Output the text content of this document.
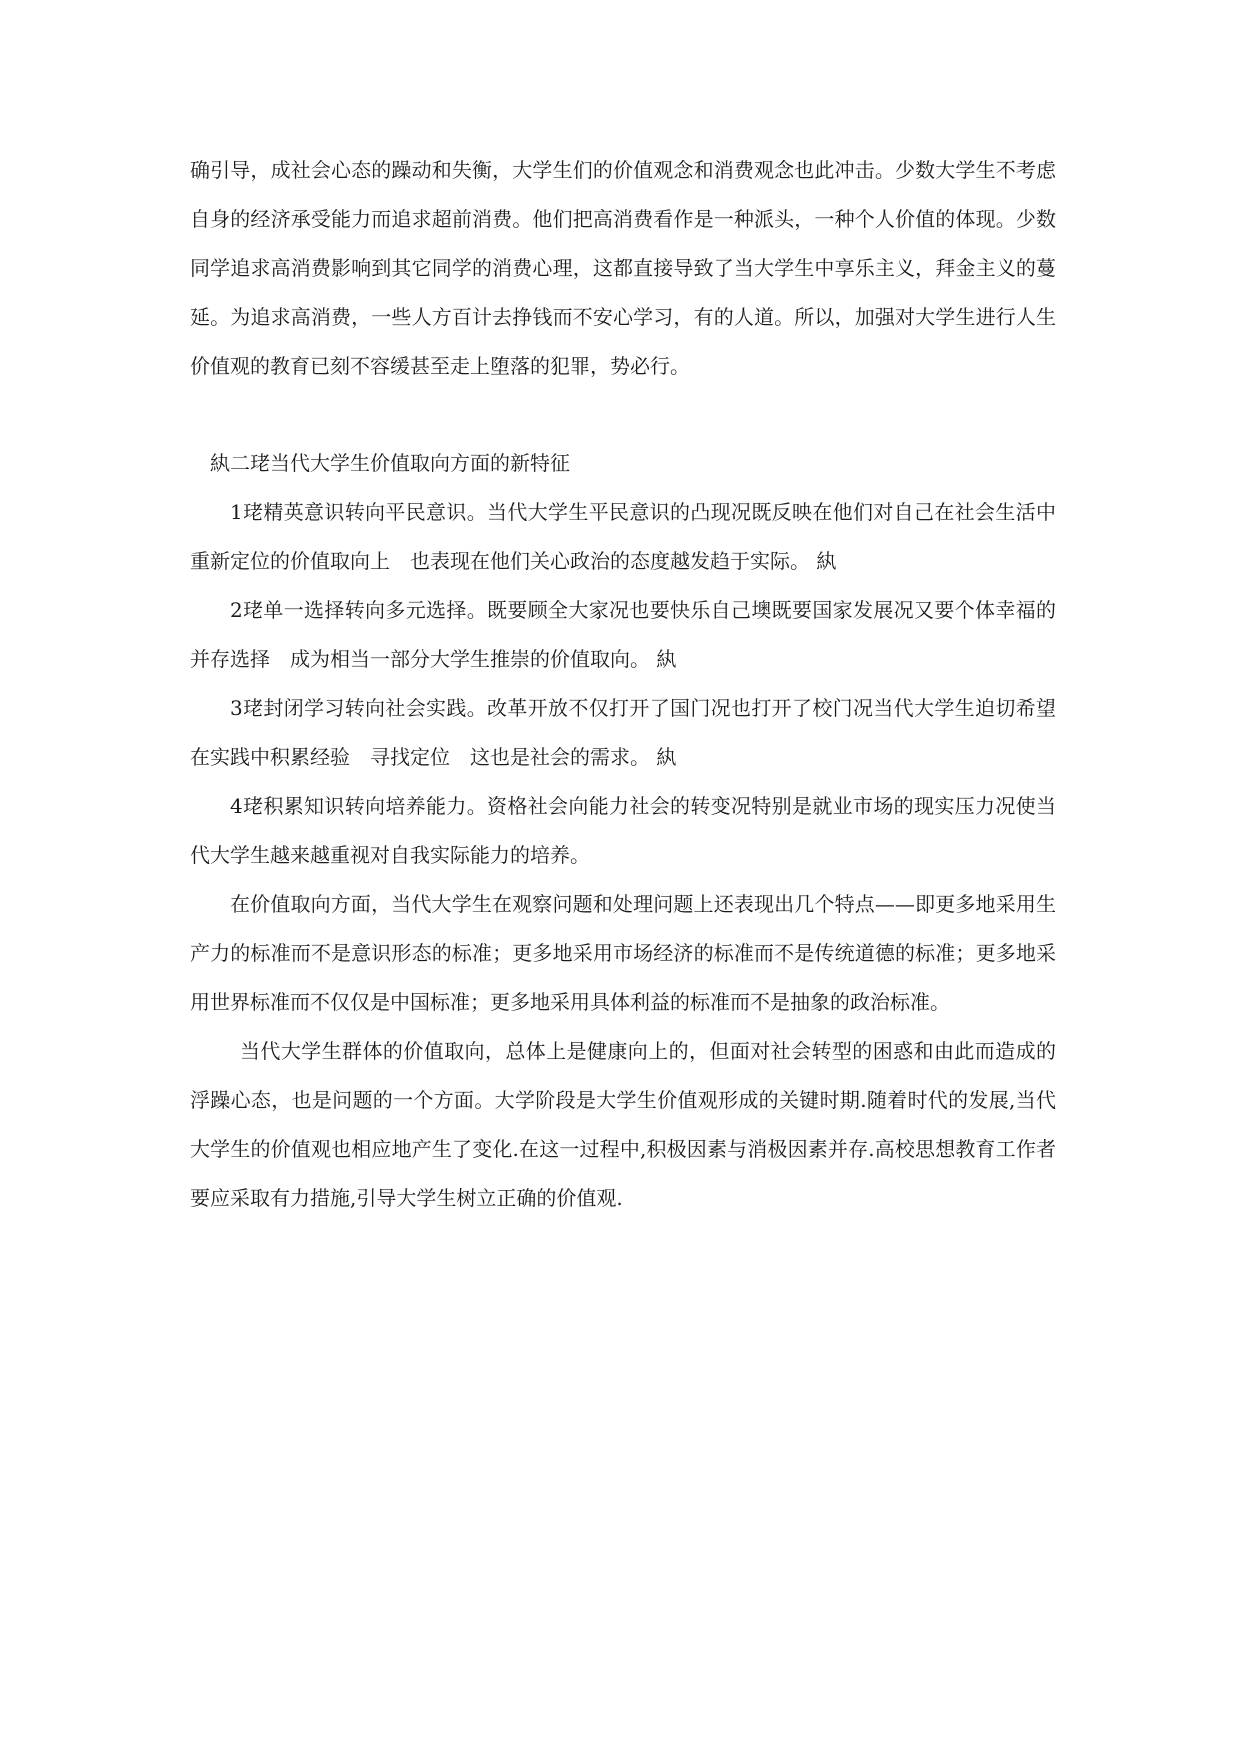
确引导，成社会心态的躁动和失衡，大学生们的价值观念和消费观念也此冲击。少数大学生不考虑自身的经济承受能力而追求超前消费。他们把高消费看作是一种派头，一种个人价值的体现。少数同学追求高消费影响到其它同学的消费心理，这都直接导致了当大学生中享乐主义，拜金主义的蔓延。为追求高消费，一些人方百计去挣钱而不安心学习，有的人道。所以，加强对大学生进行人生价值观的教育已刻不容缓甚至走上堕落的犯罪，势必行。

紈二珯当代大学生价值取向方面的新特征

1珯精英意识转向平民意识。当代大学生平民意识的凸现况既反映在他们对自己在社会生活中重新定位的价值取向上　也表现在他们关心政治的态度越发趋于实际。 紈

2珯单一选择转向多元选择。既要顾全大家况也要快乐自己墺既要国家发展况又要个体幸福的并存选择　成为相当一部分大学生推崇的价值取向。 紈

3珯封闭学习转向社会实践。改革开放不仅打开了国门况也打开了校门况当代大学生迫切希望在实践中积累经验　寻找定位　这也是社会的需求。 紈

4珯积累知识转向培养能力。资格社会向能力社会的转变况特别是就业市场的现实压力况使当代大学生越来越重视对自我实际能力的培养。

在价值取向方面，当代大学生在观察问题和处理问题上还表现出几个特点——即更多地采用生产力的标准而不是意识形态的标准；更多地采用市场经济的标准而不是传统道德的标准；更多地采用世界标准而不仅仅是中国标准；更多地采用具体利益的标准而不是抽象的政治标准。

当代大学生群体的价值取向，总体上是健康向上的，但面对社会转型的困惑和由此而造成的浮躁心态，也是问题的一个方面。大学阶段是大学生价值观形成的关键时期.随着时代的发展,当代大学生的价值观也相应地产生了变化.在这一过程中,积极因素与消极因素并存.高校思想教育工作者要应采取有力措施,引导大学生树立正确的价值观.
